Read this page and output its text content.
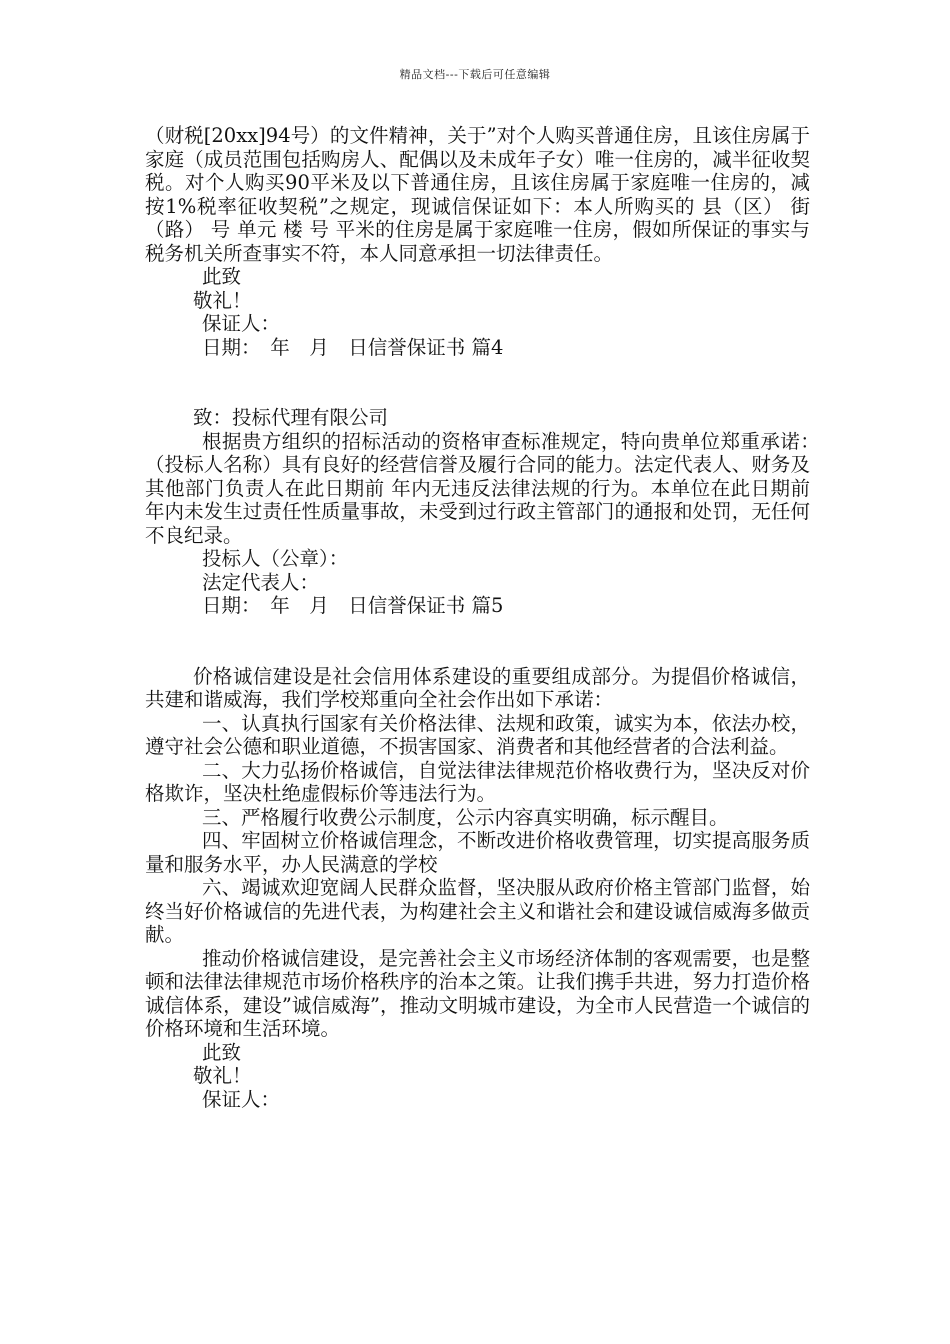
精品文档---下载后可任意编辑

（财税[20xx]94号）的文件精神，关于”对个人购买普通住房，且该住房属于家庭（成员范围包括购房人、配偶以及未成年子女）唯一住房的，减半征收契税。对个人购买90平米及以下普通住房，且该住房属于家庭唯一住房的，减按1%税率征收契税”之规定，现诚信保证如下：本人所购买的 县（区） 街（路） 号 单元 楼 号 平米的住房是属于家庭唯一住房，假如所保证的事实与税务机关所查事实不符，本人同意承担一切法律责任。

此致

敬礼！

保证人：

日期：　年　月　日信誉保证书 篇4

致：投标代理有限公司

根据贵方组织的招标活动的资格审查标准规定，特向贵单位郑重承诺：　（投标人名称）具有良好的经营信誉及履行合同的能力。法定代表人、财务及其他部门负责人在此日期前 年内无违反法律法规的行为。本单位在此日期前 年内未发生过责任性质量事故，未受到过行政主管部门的通报和处罚，无任何不良纪录。

投标人（公章）：

法定代表人：

日期：　年　月　日信誉保证书 篇5

价格诚信建设是社会信用体系建设的重要组成部分。为提倡价格诚信，共建和谐威海，我们学校郑重向全社会作出如下承诺：

一、认真执行国家有关价格法律、法规和政策，诚实为本，依法办校，遵守社会公德和职业道德，不损害国家、消费者和其他经营者的合法利益。

二、大力弘扬价格诚信，自觉法律法律规范价格收费行为，坚决反对价格欺诈，坚决杜绝虚假标价等违法行为。

三、严格履行收费公示制度，公示内容真实明确，标示醒目。

四、牢固树立价格诚信理念，不断改进价格收费管理，切实提高服务质量和服务水平，办人民满意的学校

六、竭诚欢迎宽阔人民群众监督，坚决服从政府价格主管部门监督，始终当好价格诚信的先进代表，为构建社会主义和谐社会和建设诚信威海多做贡献。

推动价格诚信建设，是完善社会主义市场经济体制的客观需要，也是整顿和法律法律规范市场价格秩序的治本之策。让我们携手共进，努力打造价格诚信体系，建设”诚信威海”，推动文明城市建设，为全市人民营造一个诚信的价格环境和生活环境。

此致

敬礼！

保证人：
